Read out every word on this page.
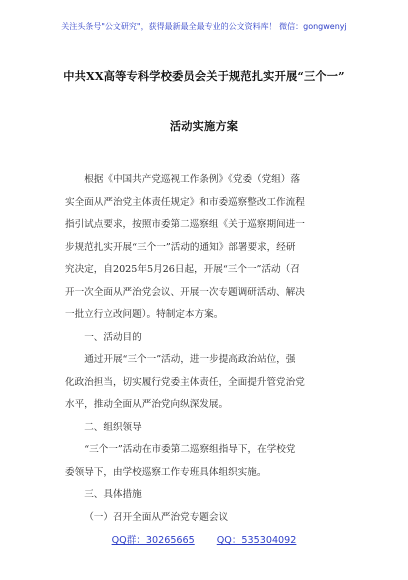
关注头条号"公文研究"，获得最新最全最专业的公文资料库！ 微信：gongwenyj
中共XX高等专科学校委员会关于规范扎实开展“三个一”
活动实施方案

根据《中国共产党巡视工作条例》《党委（党组）落
实全面从严治党主体责任规定》和市委巡察整改工作流程
指引试点要求，按照市委第二巡察组《关于巡察期间进一
步规范扎实开展“三个一”活动的通知》部署要求，经研
究决定，自2025年5月26日起，开展“三个一”活动（召
开一次全面从严治党会议、开展一次专题调研活动、解决
一批立行立改问题）。特制定本方案。

一、活动目的

通过开展“三个一”活动，进一步提高政治站位，强
化政治担当，切实履行党委主体责任，全面提升管党治党
水平，推动全面从严治党向纵深发展。

二、组织领导

“三个一”活动在市委第二巡察组指导下，在学校党
委领导下，由学校巡察工作专班具体组织实施。

三、具体措施

（一）召开全面从严治党专题会议

QQ群：30265665 QQ：535304092
